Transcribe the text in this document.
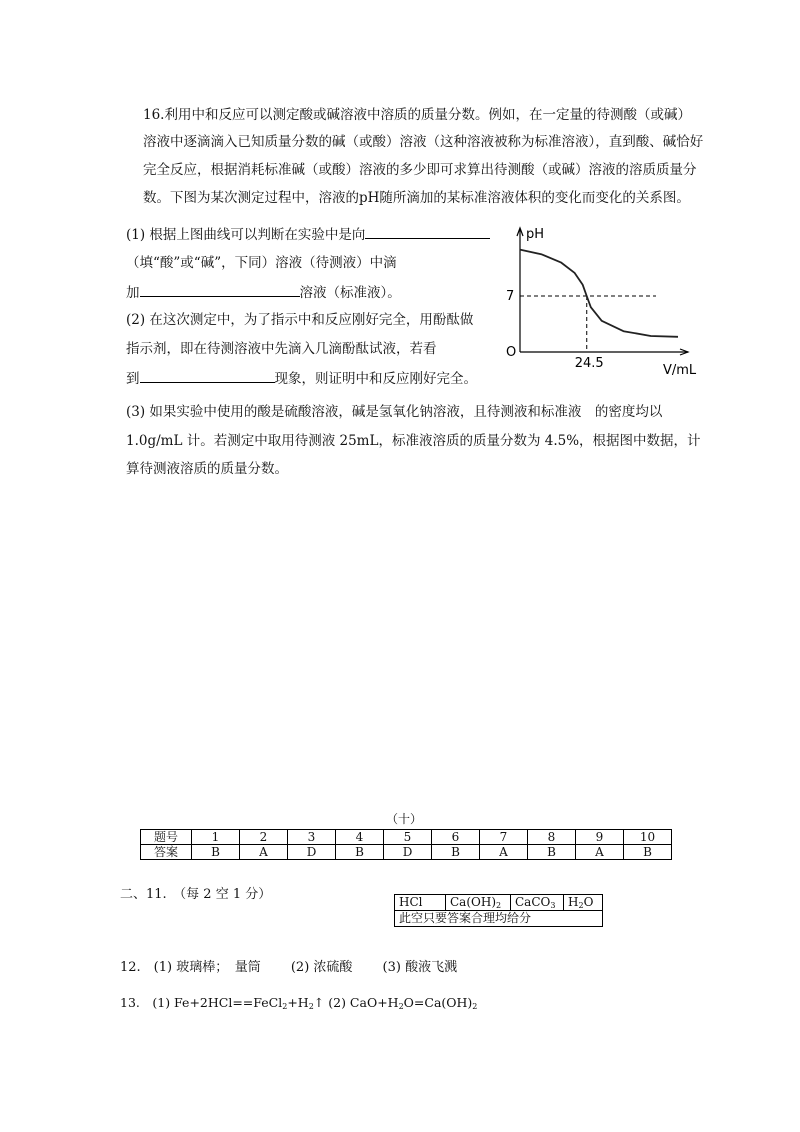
16.利用中和反应可以测定酸或碱溶液中溶质的质量分数。例如，在一定量的待测酸（或碱）
溶液中逐滴滴入已知质量分数的碱（或酸）溶液（这种溶液被称为标准溶液），直到酸、碱恰好
完全反应，根据消耗标准碱（或酸）溶液的多少即可求算出待测酸（或碱）溶液的溶质质量分
数。下图为某次测定过程中，溶液的pH随所滴加的某标准溶液体积的变化而变化的关系图。
(1) 根据上图曲线可以判断在实验中是向
（填“酸”或“碱”，下同）溶液（待测液）中滴
加	溶液（标准液）。
(2) 在这次测定中，为了指示中和反应刚好完全，用酚酞做
指示剂，即在待测溶液中先滴入几滴酚酞试液，若看
到	现象，则证明中和反应刚好完全。
(3) 如果实验中使用的酸是硫酸溶液，碱是氢氧化钠溶液，且待测液和标准液　的密度均以
1.0g/mL 计。若测定中取用待测液 25mL，标准液溶质的质量分数为 4.5%，根据图中数据，计
算待测液溶质的质量分数。
pH
V/mL
O
7
24.5
（十）
题号	1	2	3	4	5	6	7	8	9	10
答案	B	A	D	B	D	B	A	B	A	B
二、11.　（每 2 空 1 分）	HCl	$Ca(OH)_2$	CaCO$_3$	$H_2O$
此空只要答案合理均给分
12.　(1) 玻璃棒；　量筒　　 (2) 浓硫酸　　 (3) 酸液飞溅
13.　(1) $Fe+2HCl==FeCl_2+H_2↑$ (2) $CaO+H_2O=Ca(OH)_2$
